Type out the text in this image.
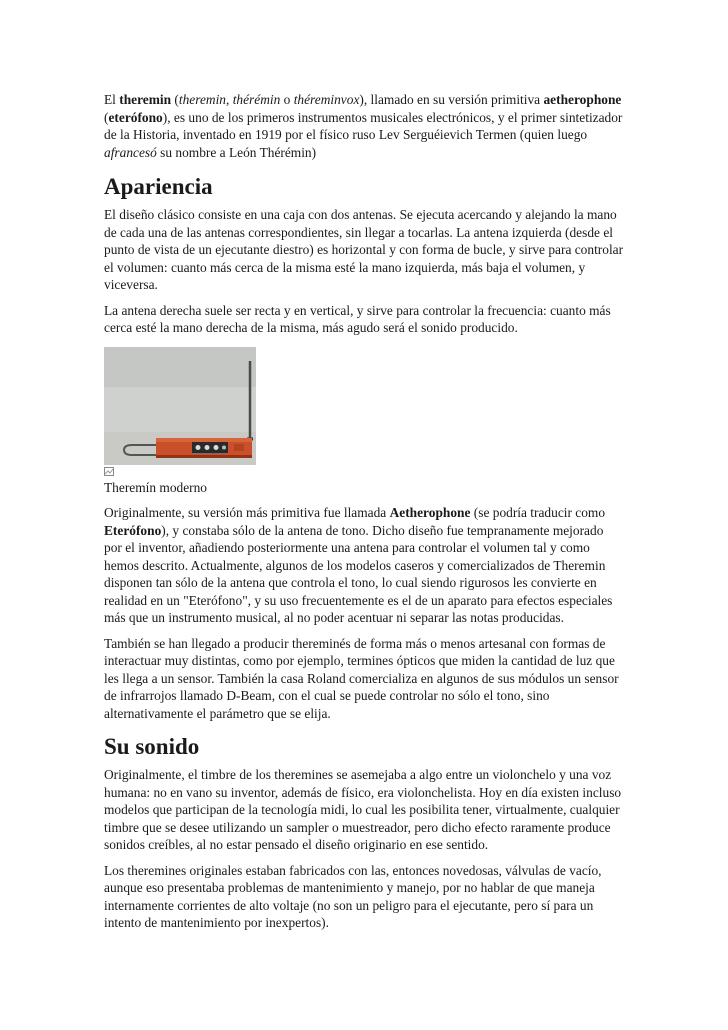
El theremin (theremin, thérémin o théreminvox), llamado en su versión primitiva aetherophone (eterófono), es uno de los primeros instrumentos musicales electrónicos, y el primer sintetizador de la Historia, inventado en 1919 por el físico ruso Lev Serguéievich Termen (quien luego afrancesó su nombre a León Thérémin)

Apariencia

El diseño clásico consiste en una caja con dos antenas. Se ejecuta acercando y alejando la mano de cada una de las antenas correspondientes, sin llegar a tocarlas. La antena izquierda (desde el punto de vista de un ejecutante diestro) es horizontal y con forma de bucle, y sirve para controlar el volumen: cuanto más cerca de la misma esté la mano izquierda, más baja el volumen, y viceversa.

La antena derecha suele ser recta y en vertical, y sirve para controlar la frecuencia: cuanto más cerca esté la mano derecha de la misma, más agudo será el sonido producido.

Theremín moderno

Originalmente, su versión más primitiva fue llamada Aetherophone (se podría traducir como Eterófono), y constaba sólo de la antena de tono. Dicho diseño fue tempranamente mejorado por el inventor, añadiendo posteriormente una antena para controlar el volumen tal y como hemos descrito. Actualmente, algunos de los modelos caseros y comercializados de Theremin disponen tan sólo de la antena que controla el tono, lo cual siendo rigurosos les convierte en realidad en un "Eterófono", y su uso frecuentemente es el de un aparato para efectos especiales más que un instrumento musical, al no poder acentuar ni separar las notas producidas.

También se han llegado a producir thereminés de forma más o menos artesanal con formas de interactuar muy distintas, como por ejemplo, termines ópticos que miden la cantidad de luz que les llega a un sensor. También la casa Roland comercializa en algunos de sus módulos un sensor de infrarrojos llamado D-Beam, con el cual se puede controlar no sólo el tono, sino alternativamente el parámetro que se elija.

Su sonido

Originalmente, el timbre de los theremines se asemejaba a algo entre un violonchelo y una voz humana: no en vano su inventor, además de físico, era violonchelista. Hoy en día existen incluso modelos que participan de la tecnología midi, lo cual les posibilita tener, virtualmente, cualquier timbre que se desee utilizando un sampler o muestreador, pero dicho efecto raramente produce sonidos creíbles, al no estar pensado el diseño originario en ese sentido.

Los theremines originales estaban fabricados con las, entonces novedosas, válvulas de vacío, aunque eso presentaba problemas de mantenimiento y manejo, por no hablar de que maneja internamente corrientes de alto voltaje (no son un peligro para el ejecutante, pero sí para un intento de mantenimiento por inexpertos).
